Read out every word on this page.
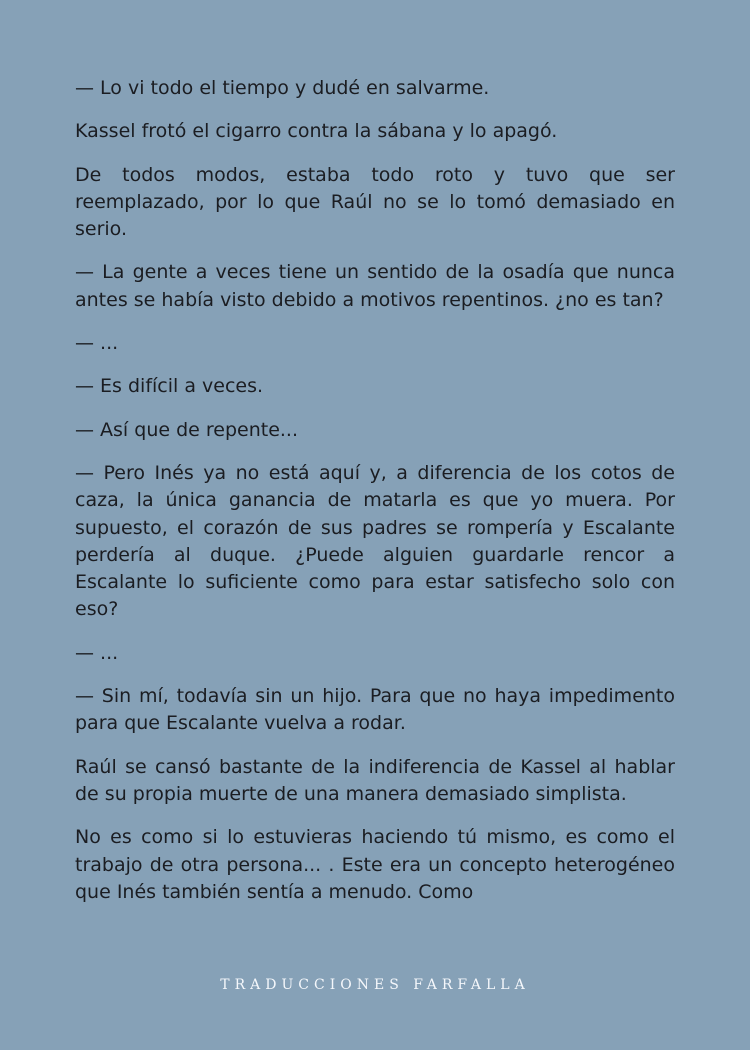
— Lo vi todo el tiempo y dudé en salvarme.

Kassel frotó el cigarro contra la sábana y lo apagó.

De todos modos, estaba todo roto y tuvo que ser reemplazado, por lo que Raúl no se lo tomó demasiado en serio.

— La gente a veces tiene un sentido de la osadía que nunca antes se había visto debido a motivos repentinos. ¿no es tan?

— ...

— Es difícil a veces.

— Así que de repente...

— Pero Inés ya no está aquí y, a diferencia de los cotos de caza, la única ganancia de matarla es que yo muera. Por supuesto, el corazón de sus padres se rompería y Escalante perdería al duque. ¿Puede alguien guardarle rencor a Escalante lo suficiente como para estar satisfecho solo con eso?

— ...

— Sin mí, todavía sin un hijo. Para que no haya impedimento para que Escalante vuelva a rodar.

Raúl se cansó bastante de la indiferencia de Kassel al hablar de su propia muerte de una manera demasiado simplista.

No es como si lo estuvieras haciendo tú mismo, es como el trabajo de otra persona... . Este era un concepto heterogéneo que Inés también sentía a menudo. Como

TRADUCCIONES FARFALLA
